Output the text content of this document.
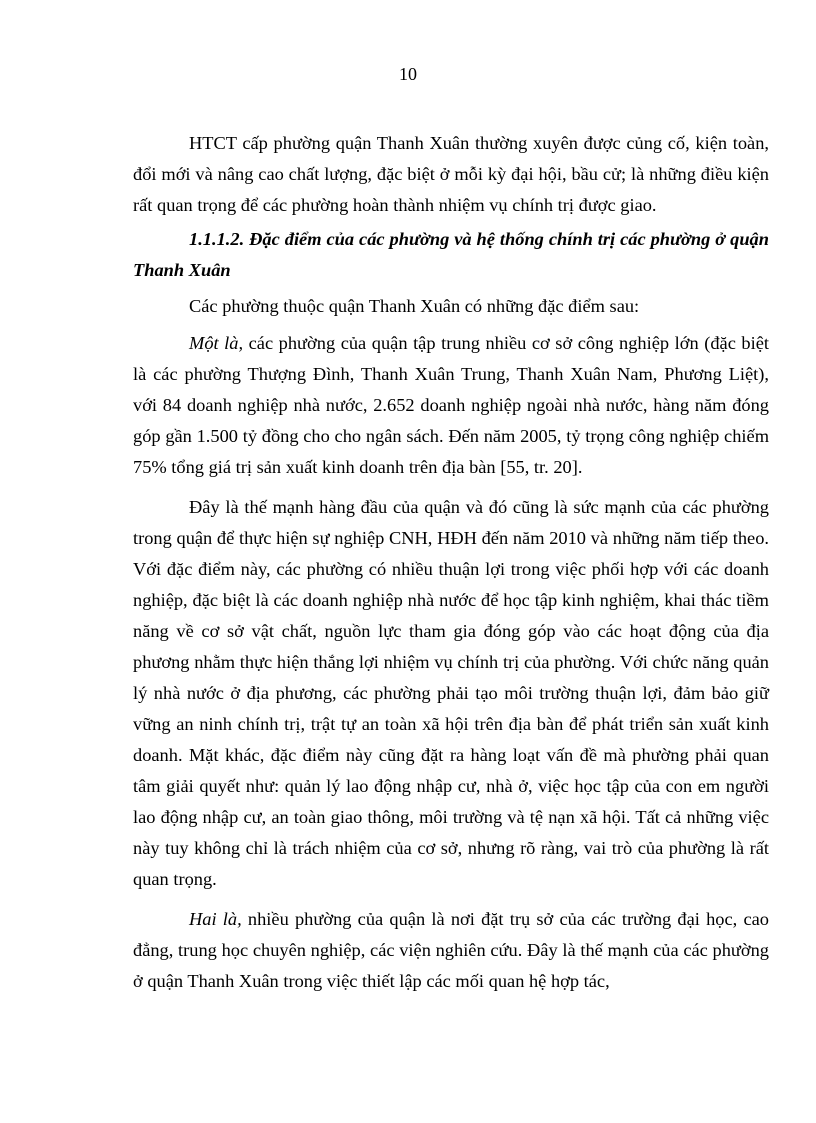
10

HTCT cấp phường quận Thanh Xuân thường xuyên được củng cố, kiện toàn, đổi mới và nâng cao chất lượng, đặc biệt ở mỗi kỳ đại hội, bầu cử; là những điều kiện rất quan trọng để các phường hoàn thành nhiệm vụ chính trị được giao.

1.1.1.2. Đặc điểm của các phường và hệ thống chính trị các phường ở quận Thanh Xuân

Các phường thuộc quận Thanh Xuân có những đặc điểm sau:

Một là, các phường của quận tập trung nhiều cơ sở công nghiệp lớn (đặc biệt là các phường Thượng Đình, Thanh Xuân Trung, Thanh Xuân Nam, Phương Liệt), với 84 doanh nghiệp nhà nước, 2.652 doanh nghiệp ngoài nhà nước, hàng năm đóng góp gần 1.500 tỷ đồng cho cho ngân sách. Đến năm 2005, tỷ trọng công nghiệp chiếm 75% tổng giá trị sản xuất kinh doanh trên địa bàn [55, tr. 20].

Đây là thế mạnh hàng đầu của quận và đó cũng là sức mạnh của các phường trong quận để thực hiện sự nghiệp CNH, HĐH đến năm 2010 và những năm tiếp theo. Với đặc điểm này, các phường có nhiều thuận lợi trong việc phối hợp với các doanh nghiệp, đặc biệt là các doanh nghiệp nhà nước để học tập kinh nghiệm, khai thác tiềm năng về cơ sở vật chất, nguồn lực tham gia đóng góp vào các hoạt động của địa phương nhằm thực hiện thắng lợi nhiệm vụ chính trị của phường. Với chức năng quản lý nhà nước ở địa phương, các phường phải tạo môi trường thuận lợi, đảm bảo giữ vững an ninh chính trị, trật tự an toàn xã hội trên địa bàn để phát triển sản xuất kinh doanh. Mặt khác, đặc điểm này cũng đặt ra hàng loạt vấn đề mà phường phải quan tâm giải quyết như: quản lý lao động nhập cư, nhà ở, việc học tập của con em người lao động nhập cư, an toàn giao thông, môi trường và tệ nạn xã hội. Tất cả những việc này tuy không chỉ là trách nhiệm của cơ sở, nhưng rõ ràng, vai trò của phường là rất quan trọng.

Hai là, nhiều phường của quận là nơi đặt trụ sở của các trường đại học, cao đẳng, trung học chuyên nghiệp, các viện nghiên cứu. Đây là thế mạnh của các phường ở quận Thanh Xuân trong việc thiết lập các mối quan hệ hợp tác,
